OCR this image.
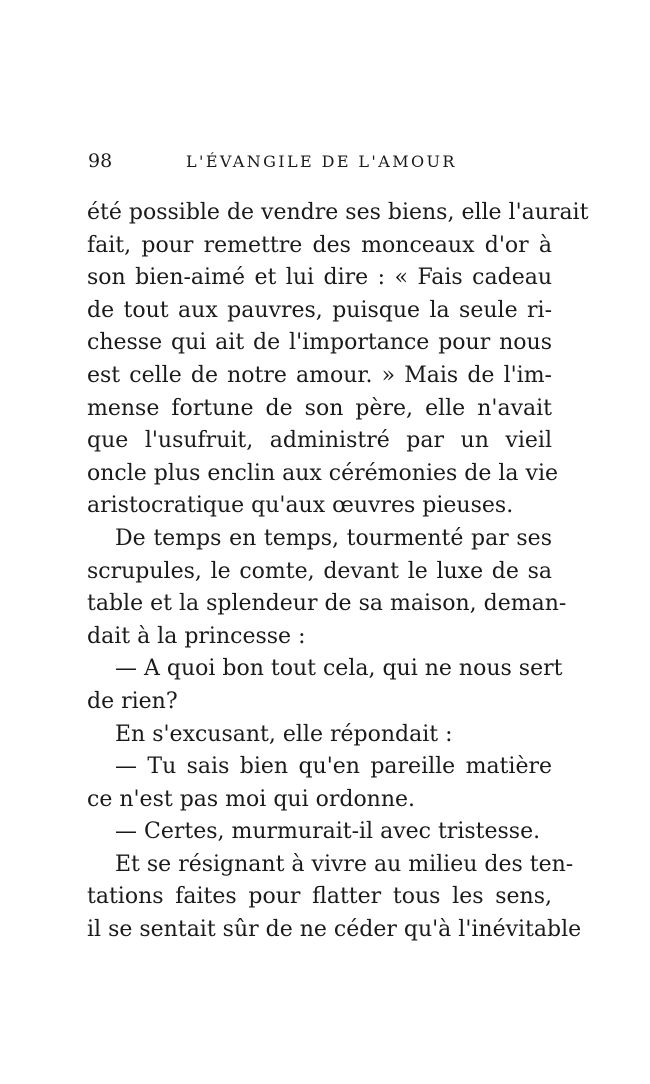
98	L'ÉVANGILE DE L'AMOUR
été possible de vendre ses biens, elle l'aurait
fait, pour remettre des monceaux d'or à
son bien-aimé et lui dire : « Fais cadeau
de tout aux pauvres, puisque la seule ri-
chesse qui ait de l'importance pour nous
est celle de notre amour. » Mais de l'im-
mense fortune de son père, elle n'avait
que l'usufruit, administré par un vieil
oncle plus enclin aux cérémonies de la vie
aristocratique qu'aux œuvres pieuses.
De temps en temps, tourmenté par ses
scrupules, le comte, devant le luxe de sa
table et la splendeur de sa maison, deman-
dait à la princesse :
— A quoi bon tout cela, qui ne nous sert
de rien?
En s'excusant, elle répondait :
— Tu sais bien qu'en pareille matière
ce n'est pas moi qui ordonne.
— Certes, murmurait-il avec tristesse.
Et se résignant à vivre au milieu des ten-
tations faites pour flatter tous les sens,
il se sentait sûr de ne céder qu'à l'inévitable
